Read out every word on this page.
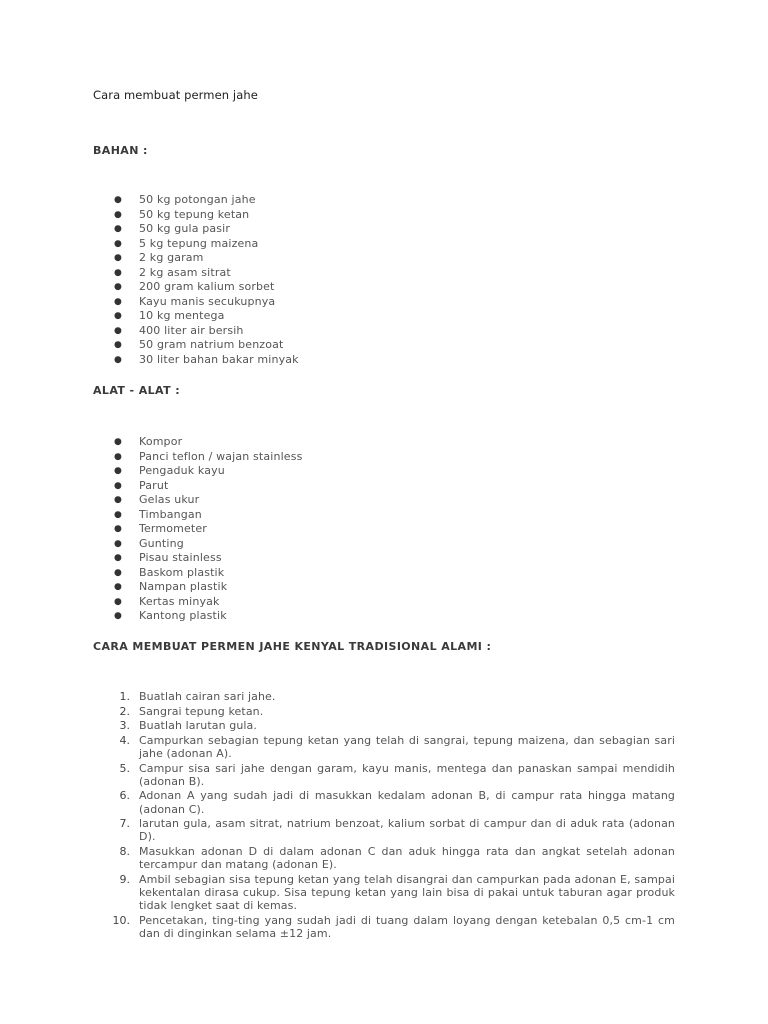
Cara membuat permen jahe
BAHAN :
● 50 kg potongan jahe
● 50 kg tepung ketan
● 50 kg gula pasir
● 5 kg tepung maizena
● 2 kg garam
● 2 kg asam sitrat
● 200 gram kalium sorbet
● Kayu manis secukupnya
● 10 kg mentega
● 400 liter air bersih
● 50 gram natrium benzoat
● 30 liter bahan bakar minyak
ALAT - ALAT :
● Kompor
● Panci teflon / wajan stainless
● Pengaduk kayu
● Parut
● Gelas ukur
● Timbangan
● Termometer
● Gunting
● Pisau stainless
● Baskom plastik
● Nampan plastik
● Kertas minyak
● Kantong plastik
CARA MEMBUAT PERMEN JAHE KENYAL TRADISIONAL ALAMI :
1. Buatlah cairan sari jahe.
2. Sangrai tepung ketan.
3. Buatlah larutan gula.
4. Campurkan sebagian tepung ketan yang telah di sangrai, tepung maizena, dan sebagian sari jahe (adonan A).
5. Campur sisa sari jahe dengan garam, kayu manis, mentega dan panaskan sampai mendidih (adonan B).
6. Adonan A yang sudah jadi di masukkan kedalam adonan B, di campur rata hingga matang (adonan C).
7. larutan gula, asam sitrat, natrium benzoat, kalium sorbat di campur dan di aduk rata (adonan D).
8. Masukkan adonan D di dalam adonan C dan aduk hingga rata dan angkat setelah adonan tercampur dan matang (adonan E).
9. Ambil sebagian sisa tepung ketan yang telah disangrai dan campurkan pada adonan E, sampai kekentalan dirasa cukup. Sisa tepung ketan yang lain bisa di pakai untuk taburan agar produk tidak lengket saat di kemas.
10. Pencetakan, ting-ting yang sudah jadi di tuang dalam loyang dengan ketebalan 0,5 cm-1 cm dan di dinginkan selama ±12 jam.
